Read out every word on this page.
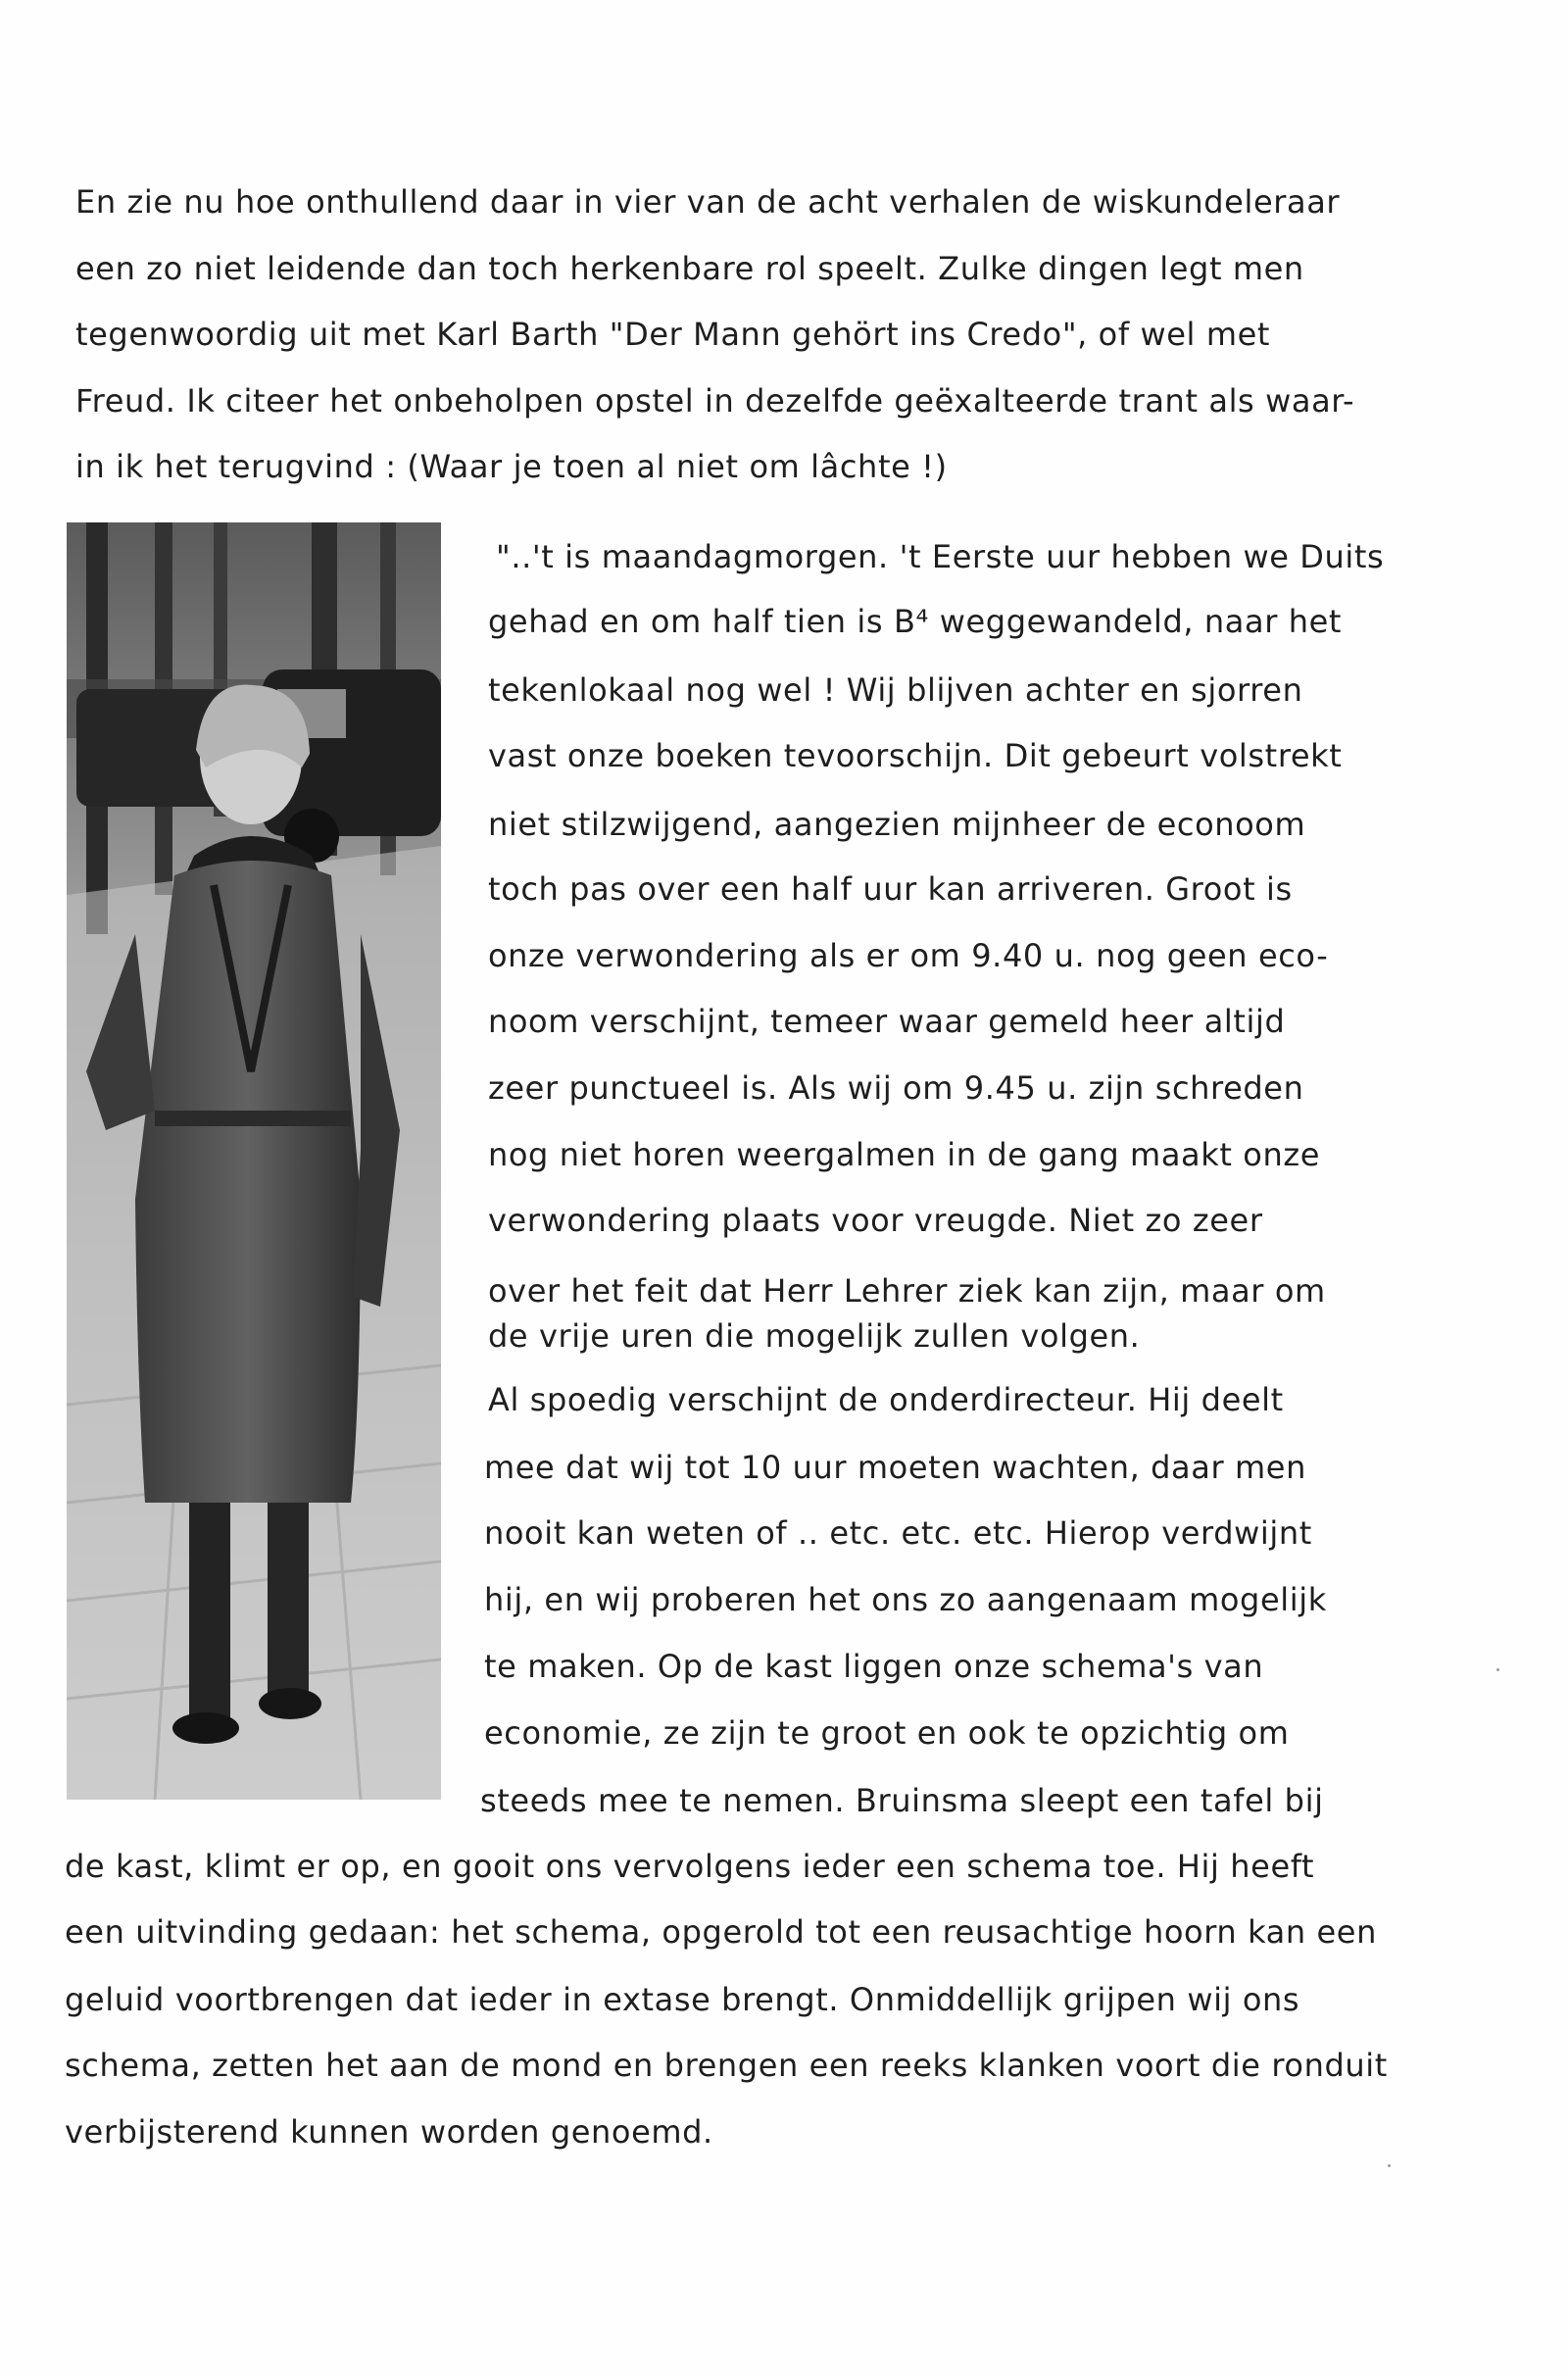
En zie nu hoe onthullend daar in vier van de acht verhalen de wiskundeleraar
een zo niet leidende dan toch herkenbare rol speelt. Zulke dingen legt men
tegenwoordig uit met Karl Barth "Der Mann gehört ins Credo", of wel met
Freud. Ik citeer het onbeholpen opstel in dezelfde geëxalteerde trant als waar-
in ik het terugvind : (Waar je toen al niet om lâchte !)
"..'t is maandagmorgen. 't Eerste uur hebben we Duits
gehad en om half tien is B⁴ weggewandeld, naar het
tekenlokaal nog wel ! Wij blijven achter en sjorren
vast onze boeken tevoorschijn. Dit gebeurt volstrekt
niet stilzwijgend, aangezien mijnheer de econoom
toch pas over een half uur kan arriveren. Groot is
onze verwondering als er om 9.40 u. nog geen eco-
noom verschijnt, temeer waar gemeld heer altijd
zeer punctueel is. Als wij om 9.45 u. zijn schreden
nog niet horen weergalmen in de gang maakt onze
verwondering plaats voor vreugde. Niet zo zeer
over het feit dat Herr Lehrer ziek kan zijn, maar om
de vrije uren die mogelijk zullen volgen.
Al spoedig verschijnt de onderdirecteur. Hij deelt
mee dat wij tot 10 uur moeten wachten, daar men
nooit kan weten of .. etc. etc. etc. Hierop verdwijnt
hij, en wij proberen het ons zo aangenaam mogelijk
te maken. Op de kast liggen onze schema's van
economie, ze zijn te groot en ook te opzichtig om
steeds mee te nemen. Bruinsma sleept een tafel bij
de kast, klimt er op, en gooit ons vervolgens ieder een schema toe. Hij heeft
een uitvinding gedaan: het schema, opgerold tot een reusachtige hoorn kan een
geluid voortbrengen dat ieder in extase brengt. Onmiddellijk grijpen wij ons
schema, zetten het aan de mond en brengen een reeks klanken voort die ronduit
verbijsterend kunnen worden genoemd.
